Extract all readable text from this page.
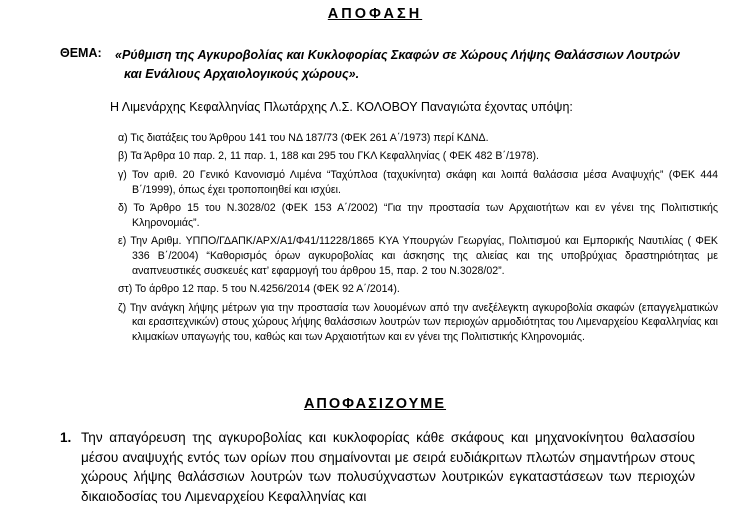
ΑΠΟΦΑΣΗ
ΘΕΜΑ: «Ρύθμιση της Αγκυροβολίας και Κυκλοφορίας Σκαφών σε Χώρους Λήψης Θαλάσσιων Λουτρών
και Ενάλιους Αρχαιολογικούς χώρους».
Η Λιμενάρχης Κεφαλληνίας Πλωτάρχης Λ.Σ. ΚΟΛΟΒΟΥ Παναγιώτα έχοντας υπόψη:
α) Τις διατάξεις του Άρθρου 141 του ΝΔ 187/73 (ΦΕΚ 261 Α΄/1973) περί ΚΔΝΔ.
β) Τα Άρθρα 10 παρ. 2, 11 παρ. 1, 188 και 295 του ΓΚΛ Κεφαλληνίας ( ΦΕΚ 482 Β΄/1978).
γ) Τον αριθ. 20 Γενικό Κανονισμό Λιμένα “Ταχύπλοα (ταχυκίνητα) σκάφη και λοιπά θαλάσσια μέσα Αναψυχής” (ΦΕΚ 444 Β΄/1999), όπως έχει τροποποιηθεί και ισχύει.
δ) Το Άρθρο 15 του Ν.3028/02 (ΦΕΚ 153 Α΄/2002) “Για την προστασία των Αρχαιοτήτων και εν γένει της Πολιτιστικής Κληρονομιάς”.
ε) Την Αριθμ. ΥΠΠΟ/ΓΔΑΠΚ/ΑΡΧ/Α1/Φ41/11228/1865 ΚΥΑ Υπουργών Γεωργίας, Πολιτισμού και Εμπορικής Ναυτιλίας ( ΦΕΚ 336 Β΄/2004) “Καθορισμός όρων αγκυροβολίας και άσκησης της αλιείας και της υποβρύχιας δραστηριότητας με αναπνευστικές συσκευές κατ’ εφαρμογή του άρθρου 15, παρ. 2 του Ν.3028/02”.
στ) Το άρθρο 12 παρ. 5 του Ν.4256/2014 (ΦΕΚ 92 Α΄/2014).
ζ) Την ανάγκη λήψης μέτρων για την προστασία των λουομένων από την ανεξέλεγκτη αγκυροβολία σκαφών (επαγγελματικών και ερασιτεχνικών) στους χώρους λήψης θαλάσσιων λουτρών των περιοχών αρμοδιότητας του Λιμεναρχείου Κεφαλληνίας και κλιμακίων υπαγωγής του, καθώς και των Αρχαιοτήτων και εν γένει της Πολιτιστικής Κληρονομιάς.
ΑΠΟΦΑΣΙΖΟΥΜΕ
1. Την απαγόρευση της αγκυροβολίας και κυκλοφορίας κάθε σκάφους και μηχανοκίνητου θαλασσίου μέσου αναψυχής εντός των ορίων που σημαίνονται με σειρά ευδιάκριτων πλωτών σημαντήρων στους χώρους λήψης θαλάσσιων λουτρών των πολυσύχναστων λουτρικών εγκαταστάσεων των περιοχών δικαιοδοσίας του Λιμεναρχείου Κεφαλληνίας και
